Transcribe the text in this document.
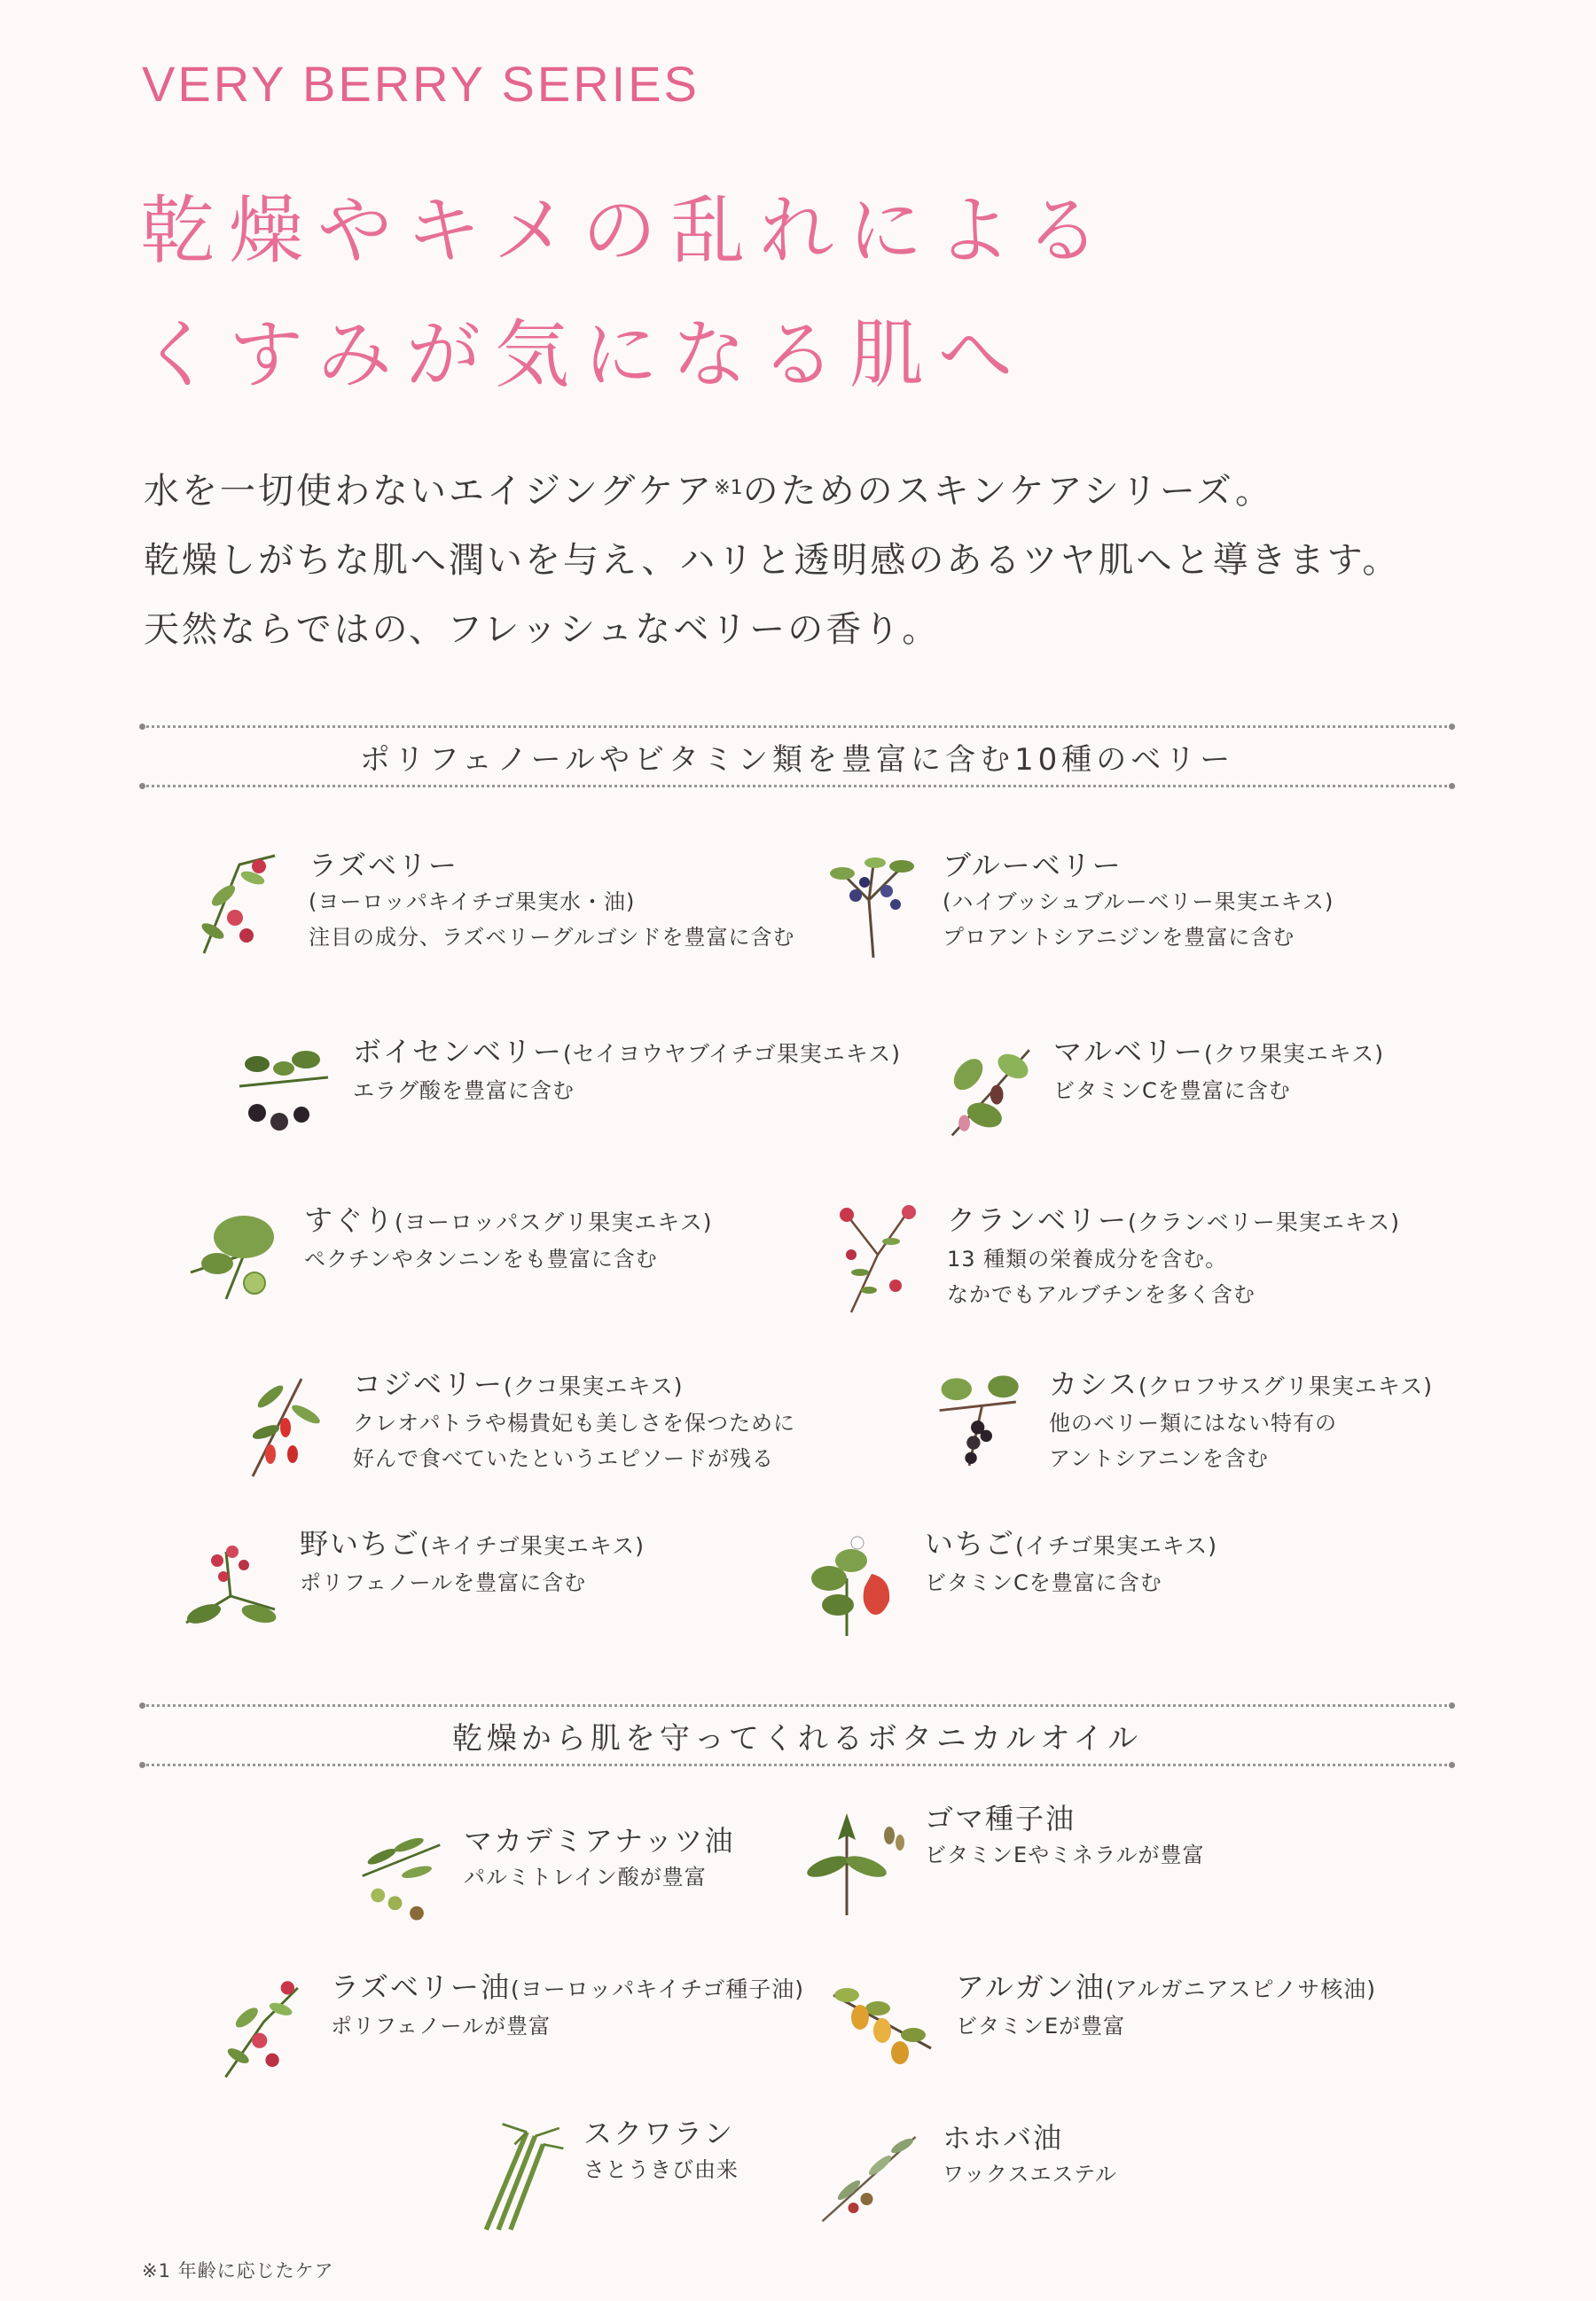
VERY BERRY SERIES
乾燥やキメの乱れによる
くすみが気になる肌へ
水を一切使わないエイジングケア$^{※1}$のためのスキンケアシリーズ。
乾燥しがちな肌へ潤いを与え、ハリと透明感のあるツヤ肌へと導きます。
天然ならではの、フレッシュなベリーの香り。
ポリフェノールやビタミン類を豊富に含む10種のベリー
ラズベリー
(ヨーロッパキイチゴ果実水・油)
注目の成分、ラズベリーグルゴシドを豊富に含む
ブルーベリー
(ハイブッシュブルーベリー果実エキス)
プロアントシアニジンを豊富に含む
ボイセンベリー(セイヨウヤブイチゴ果実エキス)
エラグ酸を豊富に含む
マルベリー(クワ果実エキス)
ビタミンCを豊富に含む
すぐり(ヨーロッパスグリ果実エキス)
ペクチンやタンニンをも豊富に含む
クランベリー(クランベリー果実エキス)
13 種類の栄養成分を含む。
なかでもアルブチンを多く含む
コジベリー(クコ果実エキス)
クレオパトラや楊貴妃も美しさを保つために
好んで食べていたというエピソードが残る
カシス(クロフサスグリ果実エキス)
他のベリー類にはない特有の
アントシアニンを含む
野いちご(キイチゴ果実エキス)
ポリフェノールを豊富に含む
いちご(イチゴ果実エキス)
ビタミンCを豊富に含む
乾燥から肌を守ってくれるボタニカルオイル
マカデミアナッツ油
パルミトレイン酸が豊富
ゴマ種子油
ビタミンEやミネラルが豊富
ラズベリー油(ヨーロッパキイチゴ種子油)
ポリフェノールが豊富
アルガン油(アルガニアスピノサ核油)
ビタミンEが豊富
スクワラン
さとうきび由来
ホホバ油
ワックスエステル
※1 年齢に応じたケア
